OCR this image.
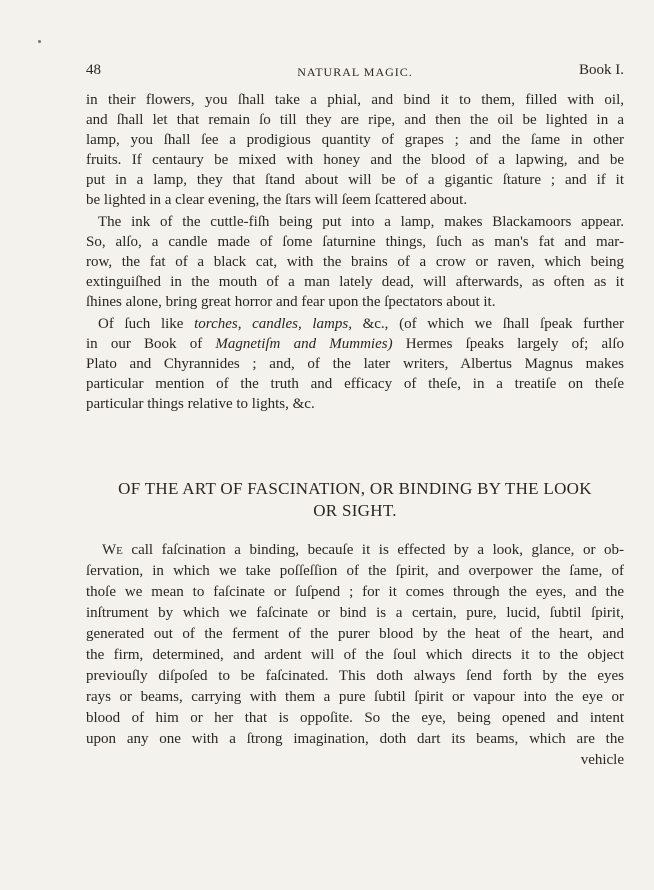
48	NATURAL MAGIC.	Book I.
in their flowers, you ſhall take a phial, and bind it to them, filled with oil,
and ſhall let that remain ſo till they are ripe, and then the oil be lighted in a
lamp, you ſhall ſee a prodigious quantity of grapes ; and the ſame in other
fruits. If centaury be mixed with honey and the blood of a lapwing, and be
put in a lamp, they that ſtand about will be of a gigantic ſtature ; and if it
be lighted in a clear evening, the ſtars will ſeem ſcattered about.
The ink of the cuttle-fiſh being put into a lamp, makes Blackamoors appear.
So, alſo, a candle made of ſome ſaturnine things, ſuch as man's fat and mar-
row, the fat of a black cat, with the brains of a crow or raven, which being
extinguiſhed in the mouth of a man lately dead, will afterwards, as often as it
ſhines alone, bring great horror and fear upon the ſpectators about it.
Of ſuch like torches, candles, lamps, &c., (of which we ſhall ſpeak further
in our Book of Magnetiſm and Mummies) Hermes ſpeaks largely of; alſo
Plato and Chyrannides ; and, of the later writers, Albertus Magnus makes
particular mention of the truth and efficacy of theſe, in a treatiſe on theſe
particular things relative to lights, &c.
OF THE ART OF FASCINATION, OR BINDING BY THE LOOK
OR SIGHT.
We call faſcination a binding, becauſe it is effected by a look, glance, or ob-
ſervation, in which we take poſſeſſion of the ſpirit, and overpower the ſame, of
thoſe we mean to faſcinate or ſuſpend ; for it comes through the eyes, and the
inſtrument by which we faſcinate or bind is a certain, pure, lucid, ſubtil ſpirit,
generated out of the ferment of the purer blood by the heat of the heart, and
the firm, determined, and ardent will of the ſoul which directs it to the object
previouſly diſpoſed to be faſcinated. This doth always ſend forth by the eyes
rays or beams, carrying with them a pure ſubtil ſpirit or vapour into the eye or
blood of him or her that is oppoſite. So the eye, being opened and intent
upon any one with a ſtrong imagination, doth dart its beams, which are the
vehicle
